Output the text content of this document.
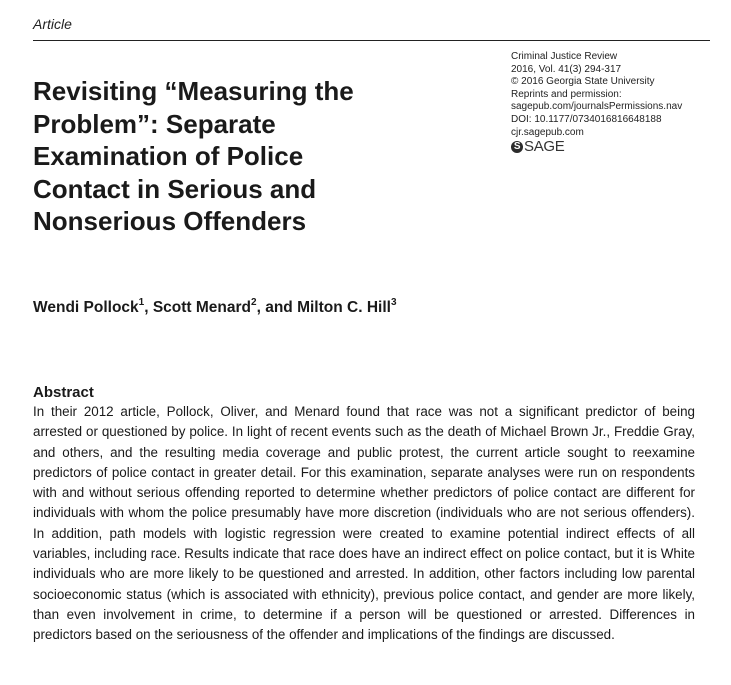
Article
Revisiting “Measuring the Problem”: Separate Examination of Police Contact in Serious and Nonserious Offenders
Criminal Justice Review
2016, Vol. 41(3) 294-317
© 2016 Georgia State University
Reprints and permission:
sagepub.com/journalsPermissions.nav
DOI: 10.1177/0734016816648188
cjr.sagepub.com
S SAGE
Wendi Pollock$^1$, Scott Menard$^2$, and Milton C. Hill$^3$
Abstract

In their 2012 article, Pollock, Oliver, and Menard found that race was not a significant predictor of being arrested or questioned by police. In light of recent events such as the death of Michael Brown Jr., Freddie Gray, and others, and the resulting media coverage and public protest, the current article sought to reexamine predictors of police contact in greater detail. For this examination, separate analyses were run on respondents with and without serious offending reported to determine whether predictors of police contact are different for individuals with whom the police presumably have more discretion (individuals who are not serious offenders). In addition, path models with logistic regression were created to examine potential indirect effects of all variables, including race. Results indicate that race does have an indirect effect on police contact, but it is White individuals who are more likely to be questioned and arrested. In addition, other factors including low parental socioeconomic status (which is associated with ethnicity), previous police contact, and gender are more likely, than even involvement in crime, to determine if a person will be questioned or arrested. Differences in predictors based on the seriousness of the offender and implications of the findings are discussed.
